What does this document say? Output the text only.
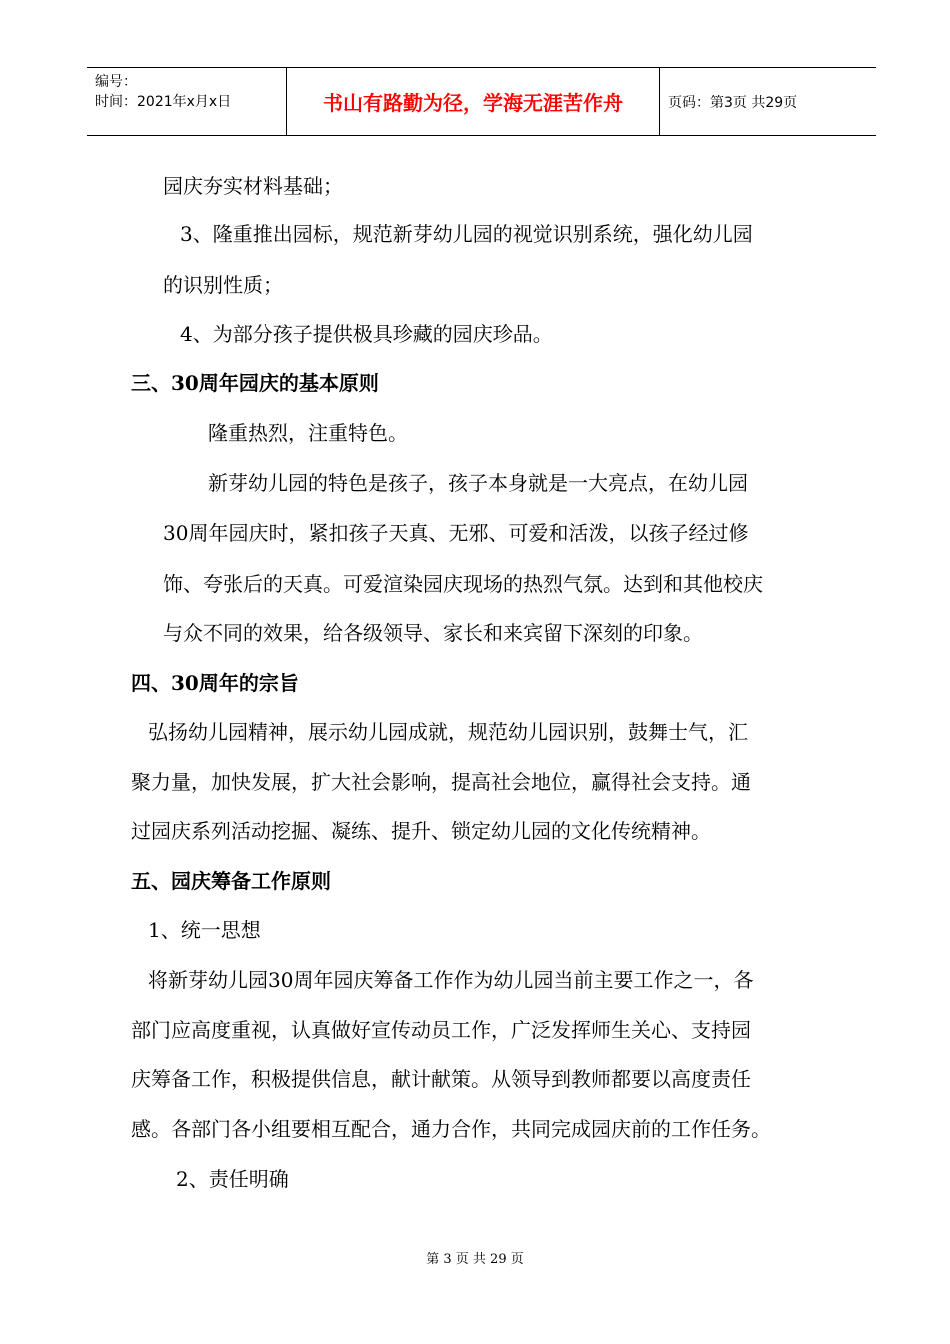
编号：
时间：2021年x月x日	书山有路勤为径，学海无涯苦作舟	页码：第3页 共29页
园庆夯实材料基础；
3、隆重推出园标，规范新芽幼儿园的视觉识别系统，强化幼儿园
的识别性质；
4、为部分孩子提供极具珍藏的园庆珍品。
三、30周年园庆的基本原则
隆重热烈，注重特色。
新芽幼儿园的特色是孩子，孩子本身就是一大亮点，在幼儿园
30周年园庆时，紧扣孩子天真、无邪、可爱和活泼，以孩子经过修
饰、夸张后的天真。可爱渲染园庆现场的热烈气氛。达到和其他校庆
与众不同的效果，给各级领导、家长和来宾留下深刻的印象。
四、30周年的宗旨
弘扬幼儿园精神，展示幼儿园成就，规范幼儿园识别，鼓舞士气，汇
聚力量，加快发展，扩大社会影响，提高社会地位，赢得社会支持。通
过园庆系列活动挖掘、凝练、提升、锁定幼儿园的文化传统精神。
五、园庆筹备工作原则
1、统一思想
将新芽幼儿园30周年园庆筹备工作作为幼儿园当前主要工作之一，各
部门应高度重视，认真做好宣传动员工作，广泛发挥师生关心、支持园
庆筹备工作，积极提供信息，献计献策。从领导到教师都要以高度责任
感。各部门各小组要相互配合，通力合作，共同完成园庆前的工作任务。
2、责任明确
第 3 页 共 29 页
